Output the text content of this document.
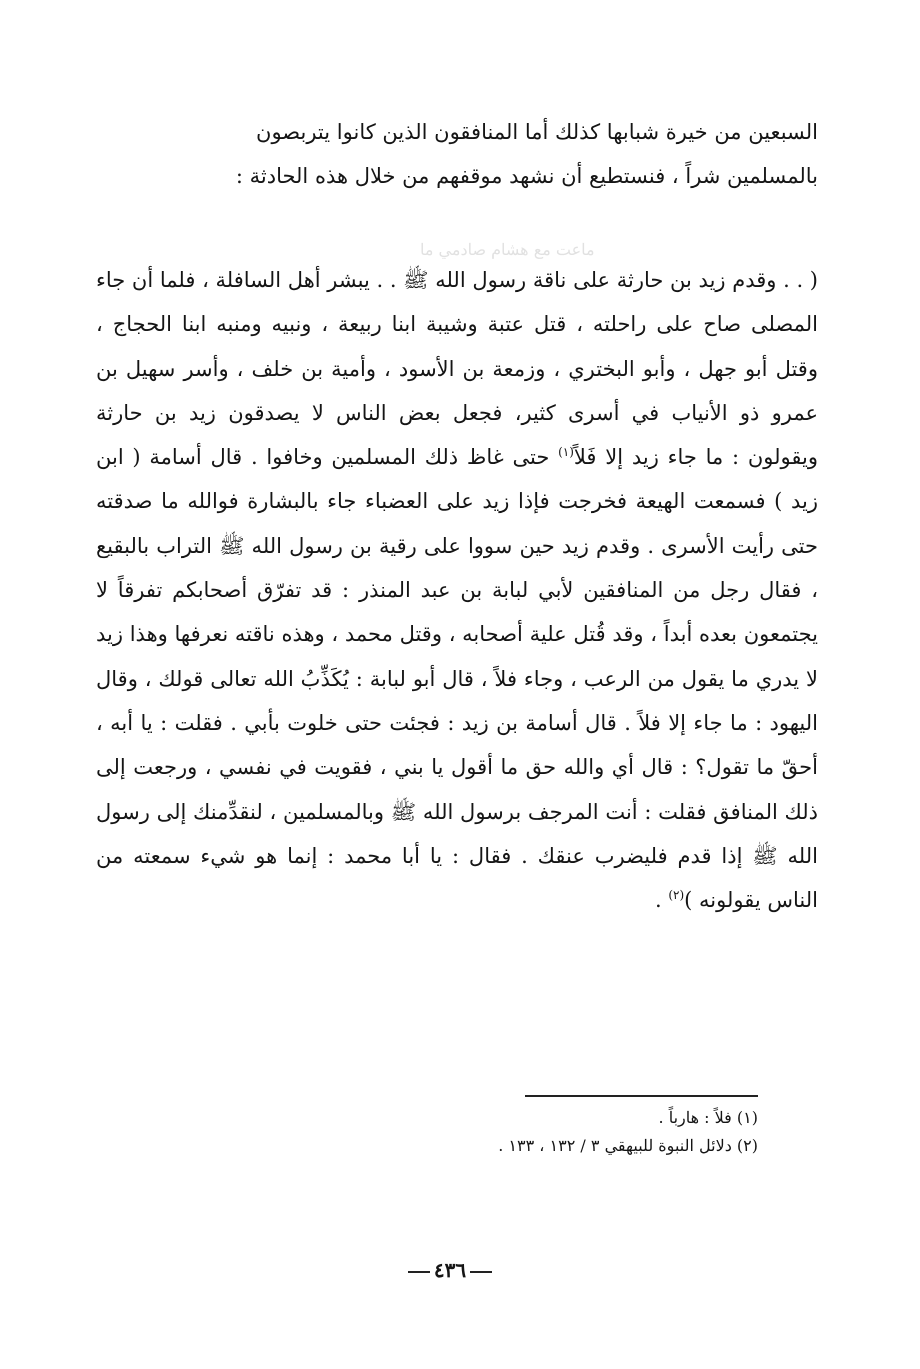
ماعت مع هشام صادمي ما
السبعين من خيرة شبابها كذلك أما المنافقون الذين كانوا يتربصون
بالمسلمين شراً ، فنستطيع أن نشهد موقفهم من خلال هذه الحادثة :
( . . وقدم زيد بن حارثة على ناقة رسول الله ﷺ . . يبشر أهل السافلة ، فلما أن جاء المصلى صاح على راحلته ، قتل عتبة وشيبة ابنا ربيعة ، ونبيه ومنبه ابنا الحجاج ، وقتل أبو جهل ، وأبو البختري ، وزمعة بن الأسود ، وأمية بن خلف ، وأسر سهيل بن عمرو ذو الأنياب في أسرى كثير، فجعل بعض الناس لا يصدقون زيد بن حارثة ويقولون : ما جاء زيد إلا فَلاً$^{(١)}$ حتى غاظ ذلك المسلمين وخافوا . قال أسامة ( ابن زيد ) فسمعت الهيعة فخرجت فإذا زيد على العضباء جاء بالبشارة فوالله ما صدقته حتى رأيت الأسرى . وقدم زيد حين سووا على رقية بن رسول الله ﷺ التراب بالبقيع ، فقال رجل من المنافقين لأبي لبابة بن عبد المنذر : قد تفرّق أصحابكم تفرقاً لا يجتمعون بعده أبداً ، وقد قُتل علية أصحابه ، وقتل محمد ، وهذه ناقته نعرفها وهذا زيد لا يدري ما يقول من الرعب ، وجاء فلاً ، قال أبو لبابة : يُكَذِّبُ الله تعالى قولك ، وقال اليهود : ما جاء إلا فلاً . قال أسامة بن زيد : فجئت حتى خلوت بأبي . فقلت : يا أبه ، أحقّ ما تقول؟ : قال أي والله حق ما أقول يا بني ، فقويت في نفسي ، ورجعت إلى ذلك المنافق فقلت : أنت المرجف برسول الله ﷺ وبالمسلمين ، لنقدِّمنك إلى رسول الله ﷺ إذا قدم فليضرب عنقك . فقال : يا أبا محمد : إنما هو شيء سمعته من الناس يقولونه )$^{(٢)}$ .
(١) فلاً : هارباً .
(٢) دلائل النبوة للبيهقي ٣ / ١٣٢ ، ١٣٣ .
٤٣٦
